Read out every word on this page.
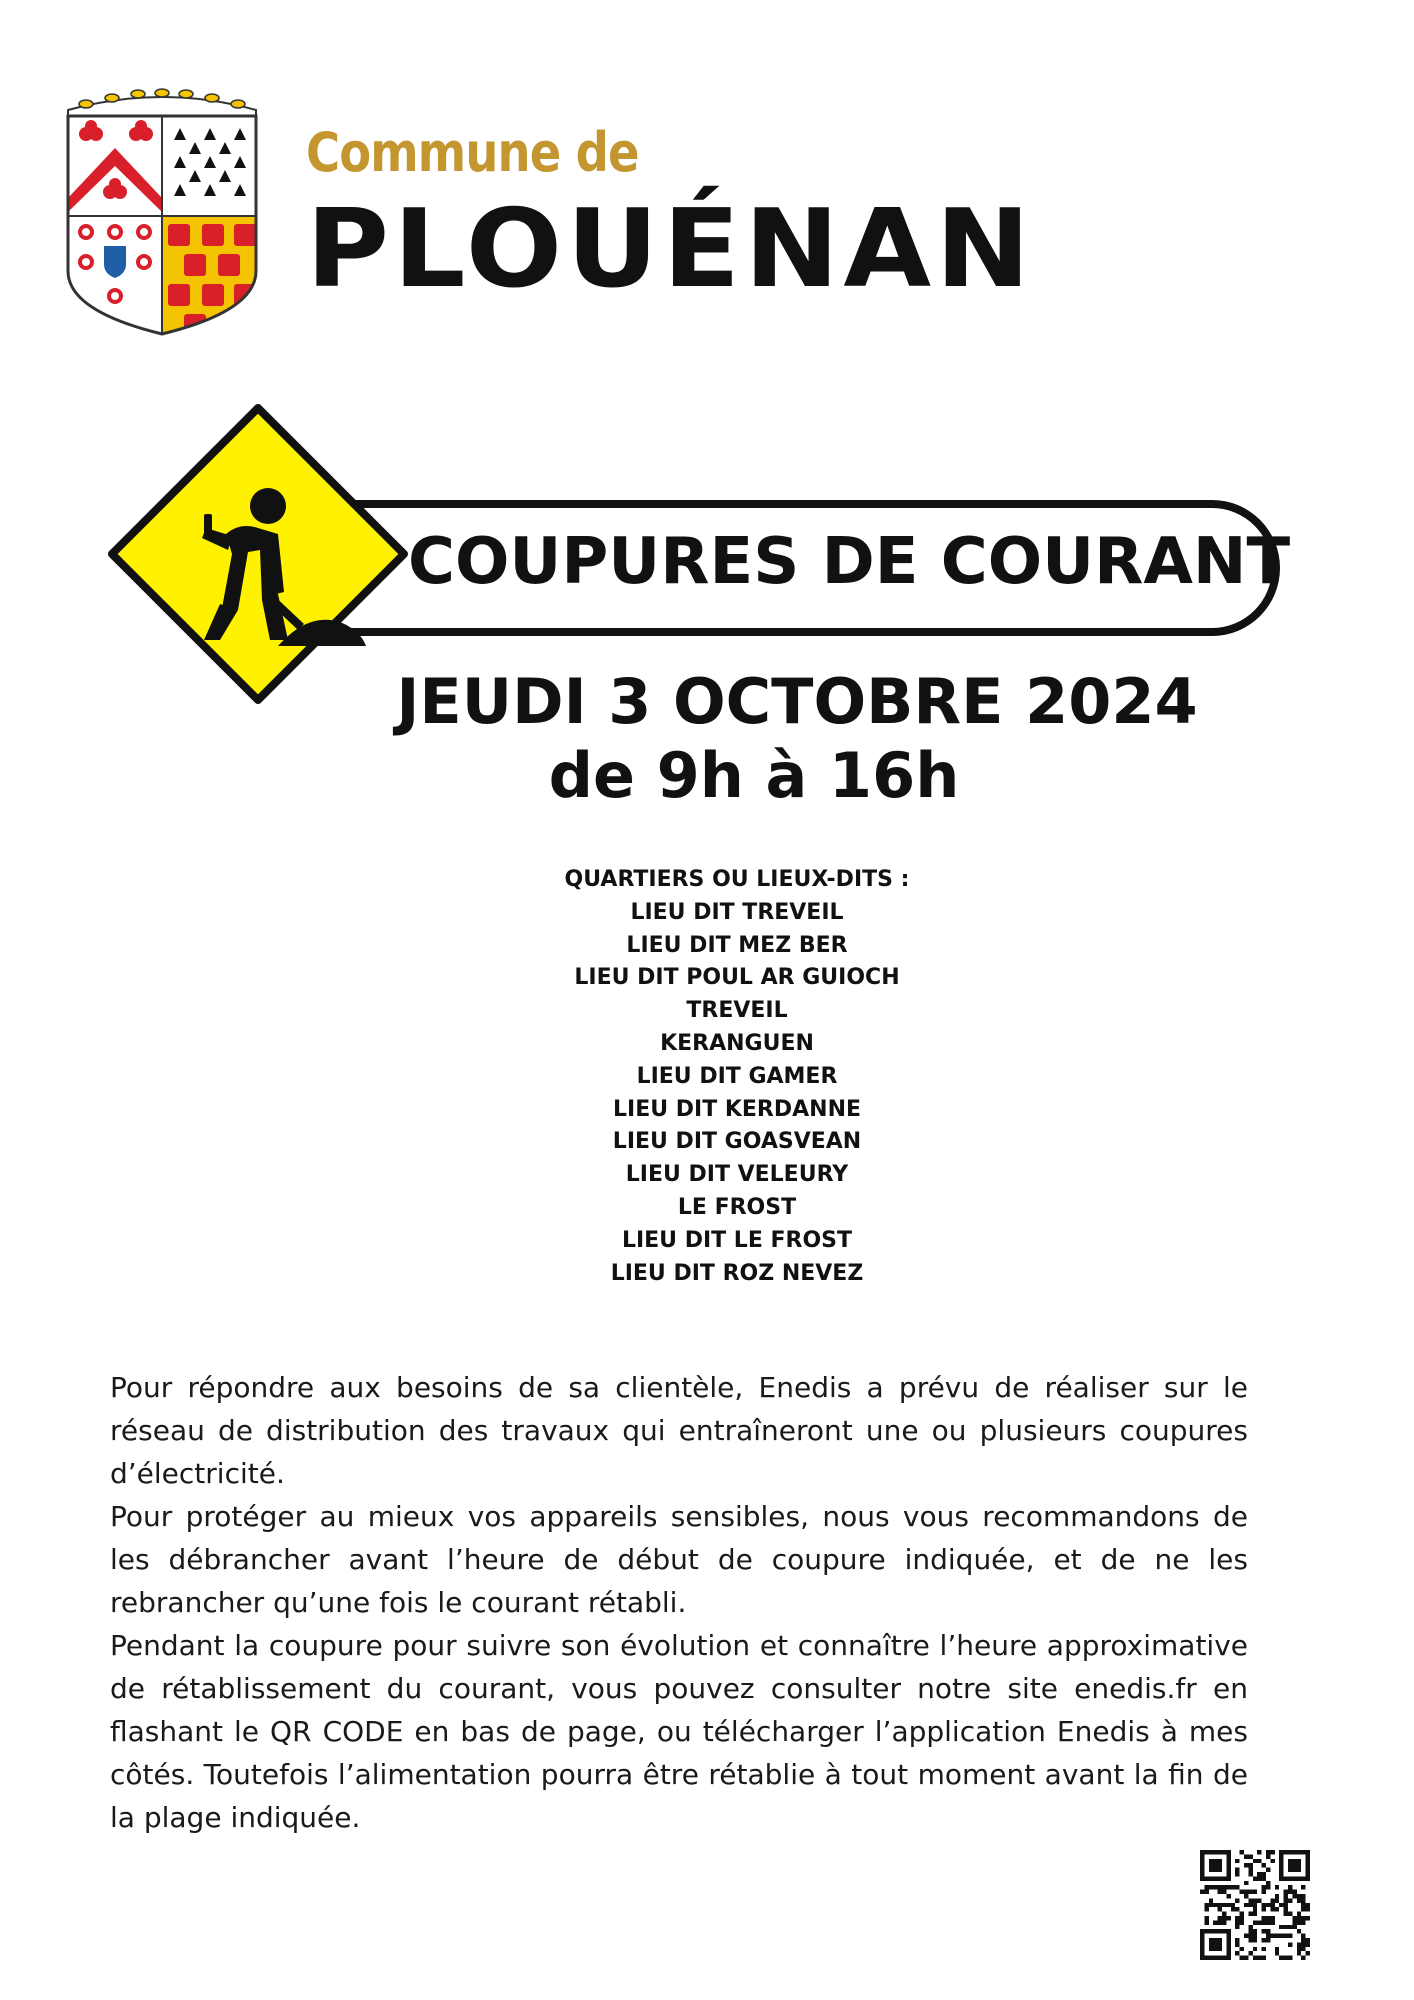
Commune de
PLOUÉNAN
COUPURES DE COURANT
JEUDI 3 OCTOBRE 2024
de 9h à 16h
QUARTIERS OU LIEUX-DITS :
LIEU DIT TREVEIL
LIEU DIT MEZ BER
LIEU DIT POUL AR GUIOCH
TREVEIL
KERANGUEN
LIEU DIT GAMER
LIEU DIT KERDANNE
LIEU DIT GOASVEAN
LIEU DIT VELEURY
LE FROST
LIEU DIT LE FROST
LIEU DIT ROZ NEVEZ

Pour répondre aux besoins de sa clientèle, Enedis a prévu de réaliser sur le réseau de distribution des travaux qui entraîneront une ou plusieurs coupures d’électricité.

Pour protéger au mieux vos appareils sensibles, nous vous recommandons de les débrancher avant l’heure de début de coupure indiquée, et de ne les rebrancher qu’une fois le courant rétabli.

Pendant la coupure pour suivre son évolution et connaître l’heure approximative de rétablissement du courant, vous pouvez consulter notre site enedis.fr en flashant le QR CODE en bas de page, ou télécharger l’application Enedis à mes côtés. Toutefois l’alimentation pourra être rétablie à tout moment avant la fin de la plage indiquée.
